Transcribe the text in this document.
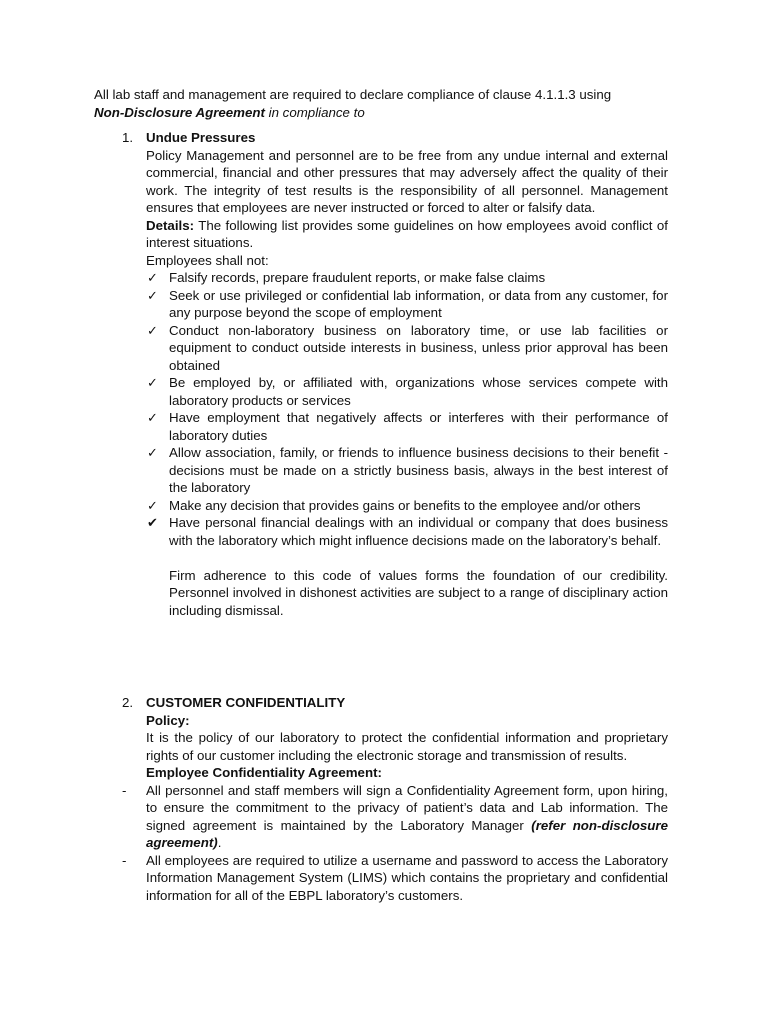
All lab staff and management are required to declare compliance of clause 4.1.1.3 using

Non-Disclosure Agreement in compliance to

1. Undue Pressures

Policy Management and personnel are to be free from any undue internal and external commercial, financial and other pressures that may adversely affect the quality of their work. The integrity of test results is the responsibility of all personnel. Management ensures that employees are never instructed or forced to alter or falsify data.

Details: The following list provides some guidelines on how employees avoid conflict of interest situations.

Employees shall not:

✓ Falsify records, prepare fraudulent reports, or make false claims
✓ Seek or use privileged or confidential lab information, or data from any customer, for any purpose beyond the scope of employment
✓ Conduct non-laboratory business on laboratory time, or use lab facilities or equipment to conduct outside interests in business, unless prior approval has been obtained
✓ Be employed by, or affiliated with, organizations whose services compete with laboratory products or services
✓ Have employment that negatively affects or interferes with their performance of laboratory duties
✓ Allow association, family, or friends to influence business decisions to their benefit - decisions must be made on a strictly business basis, always in the best interest of the laboratory
✓ Make any decision that provides gains or benefits to the employee and/or others
✔ Have personal financial dealings with an individual or company that does business with the laboratory which might influence decisions made on the laboratory’s behalf.

Firm adherence to this code of values forms the foundation of our credibility. Personnel involved in dishonest activities are subject to a range of disciplinary action including dismissal.

2. CUSTOMER CONFIDENTIALITY

Policy:

It is the policy of our laboratory to protect the confidential information and proprietary rights of our customer including the electronic storage and transmission of results.

Employee Confidentiality Agreement:

- All personnel and staff members will sign a Confidentiality Agreement form, upon hiring, to ensure the commitment to the privacy of patient’s data and Lab information. The signed agreement is maintained by the Laboratory Manager (refer non-disclosure agreement).
- All employees are required to utilize a username and password to access the Laboratory Information Management System (LIMS) which contains the proprietary and confidential information for all of the EBPL laboratory’s customers.
